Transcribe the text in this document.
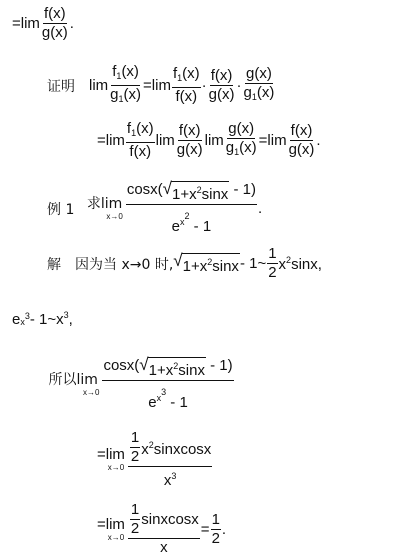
$=\lim \frac{f(x)}{g(x)}$ .
证明 $\lim \frac{f_1(x)}{g_1(x)} =\lim \frac{f_1(x)}{f(x)} \cdot \frac{f(x)}{g(x)} \cdot \frac{g(x)}{g_1(x)}$
$=\lim \frac{f_1(x)}{f(x)}$ $\lim \frac{f(x)}{g(x)}$ $\lim \frac{g(x)}{g_1(x)} =\lim \frac{f(x)}{g(x)}$ .
例 1 求lim
$x\to 0 \frac{\cos x( √ 1+x^2\sin x - 1)}{e^{x^2} - 1}$ .
解 因为当 x→0 时, √ $1+x^2\sin x$ - 1~ $\frac{1}{2} x^2\sin x$,
e $x^3$ - $1\sim x^3$,
所以lim
$x\to 0 \frac{\cos x( √ 1+x^2\sin x - 1)}{e^{x^3} - 1}$
=lim
x→0 1
2 $x^2sinxcosx$
$x^3$
=lim
x→0 1
2
sinxcosx
$x = \frac{1}{2}$ .
